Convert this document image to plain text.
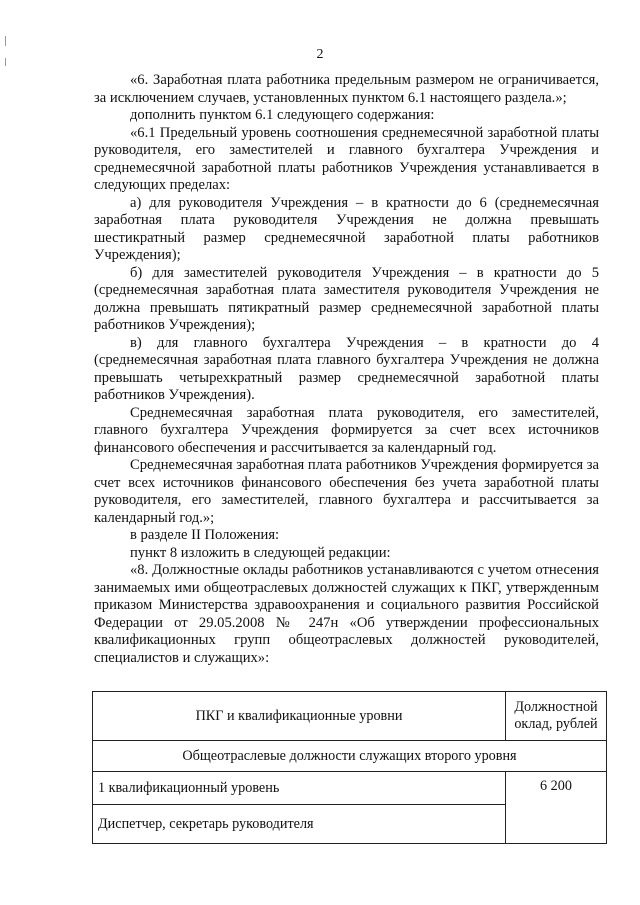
2

«6. Заработная плата работника предельным размером не ограничивается, за исключением случаев, установленных пунктом 6.1 настоящего раздела.»;

дополнить пунктом 6.1 следующего содержания:

«6.1 Предельный уровень соотношения среднемесячной заработной платы руководителя, его заместителей и главного бухгалтера Учреждения и среднемесячной заработной платы работников Учреждения устанавливается в следующих пределах:

а) для руководителя Учреждения – в кратности до 6 (среднемесячная заработная плата руководителя Учреждения не должна превышать шестикратный размер среднемесячной заработной платы работников Учреждения);

б) для заместителей руководителя Учреждения – в кратности до 5 (среднемесячная заработная плата заместителя руководителя Учреждения не должна превышать пятикратный размер среднемесячной заработной платы работников Учреждения);

в) для главного бухгалтера Учреждения – в кратности до 4 (среднемесячная заработная плата главного бухгалтера Учреждения не должна превышать четырехкратный размер среднемесячной заработной платы работников Учреждения).

Среднемесячная заработная плата руководителя, его заместителей, главного бухгалтера Учреждения формируется за счет всех источников финансового обеспечения и рассчитывается за календарный год.

Среднемесячная заработная плата работников Учреждения формируется за счет всех источников финансового обеспечения без учета заработной платы руководителя, его заместителей, главного бухгалтера и рассчитывается за календарный год.»;

в разделе II Положения:

пункт 8 изложить в следующей редакции:

«8. Должностные оклады работников устанавливаются с учетом отнесения занимаемых ими общеотраслевых должностей служащих к ПКГ, утвержденным приказом Министерства здравоохранения и социального развития Российской Федерации от 29.05.2008 № 247н «Об утверждении профессиональных квалификационных групп общеотраслевых должностей руководителей, специалистов и служащих»:

ПКГ и квалификационные уровни	Должностной оклад, рублей
Общеотраслевые должности служащих второго уровня	
1 квалификационный уровень	6 200
Диспетчер, секретарь руководителя	
